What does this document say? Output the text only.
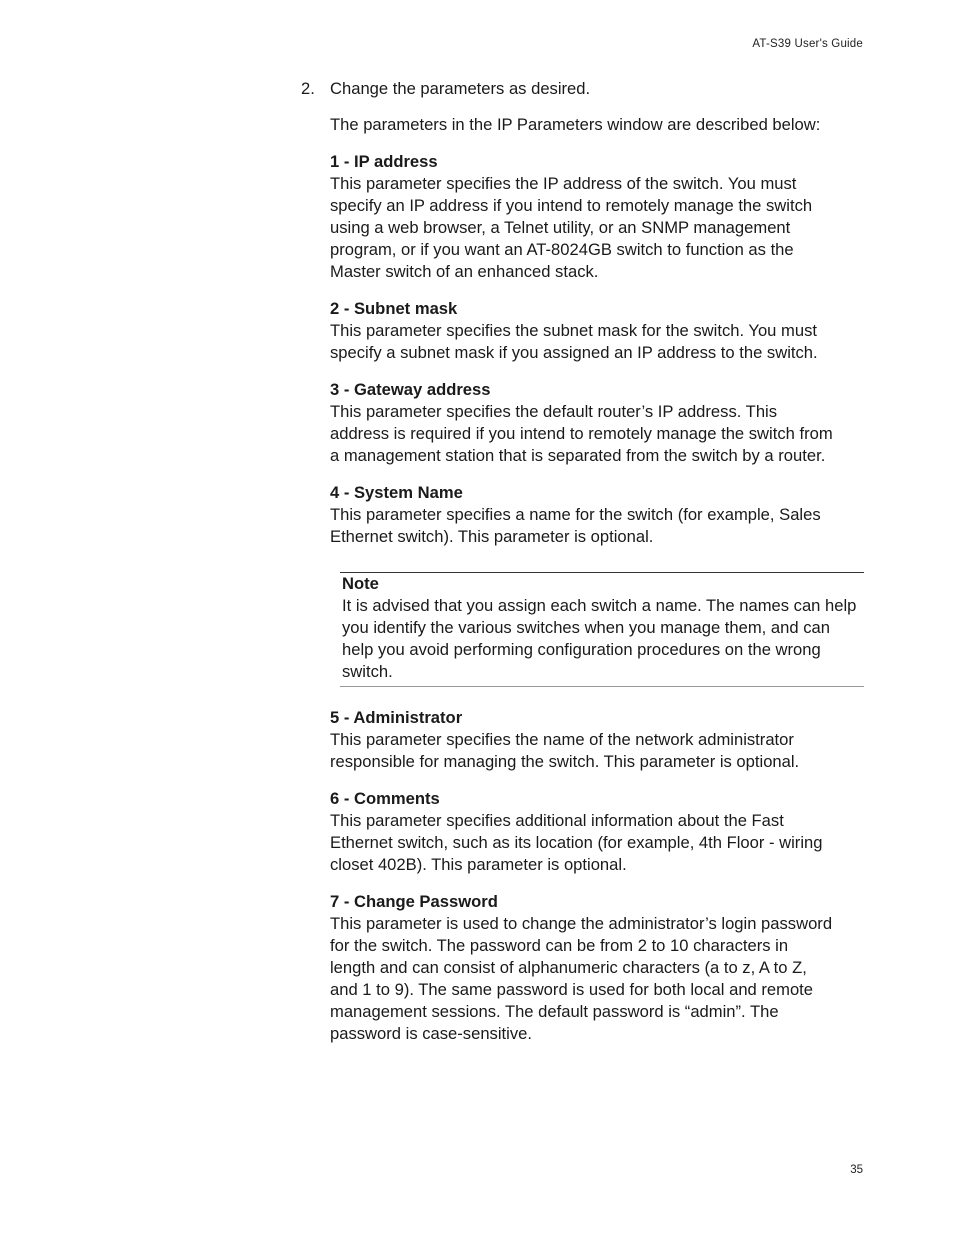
AT-S39 User's Guide
2. Change the parameters as desired.
The parameters in the IP Parameters window are described below:
1 - IP address
This parameter specifies the IP address of the switch. You must specify an IP address if you intend to remotely manage the switch using a web browser, a Telnet utility, or an SNMP management program, or if you want an AT-8024GB switch to function as the Master switch of an enhanced stack.
2 - Subnet mask
This parameter specifies the subnet mask for the switch. You must specify a subnet mask if you assigned an IP address to the switch.
3 - Gateway address
This parameter specifies the default router’s IP address. This address is required if you intend to remotely manage the switch from a management station that is separated from the switch by a router.
4 - System Name
This parameter specifies a name for the switch (for example, Sales Ethernet switch). This parameter is optional.
Note
It is advised that you assign each switch a name. The names can help you identify the various switches when you manage them, and can help you avoid performing configuration procedures on the wrong switch.
5 - Administrator
This parameter specifies the name of the network administrator responsible for managing the switch. This parameter is optional.
6 - Comments
This parameter specifies additional information about the Fast Ethernet switch, such as its location (for example, 4th Floor - wiring closet 402B). This parameter is optional.
7 - Change Password
This parameter is used to change the administrator’s login password for the switch. The password can be from 2 to 10 characters in length and can consist of alphanumeric characters (a to z, A to Z, and 1 to 9). The same password is used for both local and remote management sessions. The default password is “admin”. The password is case-sensitive.
35
